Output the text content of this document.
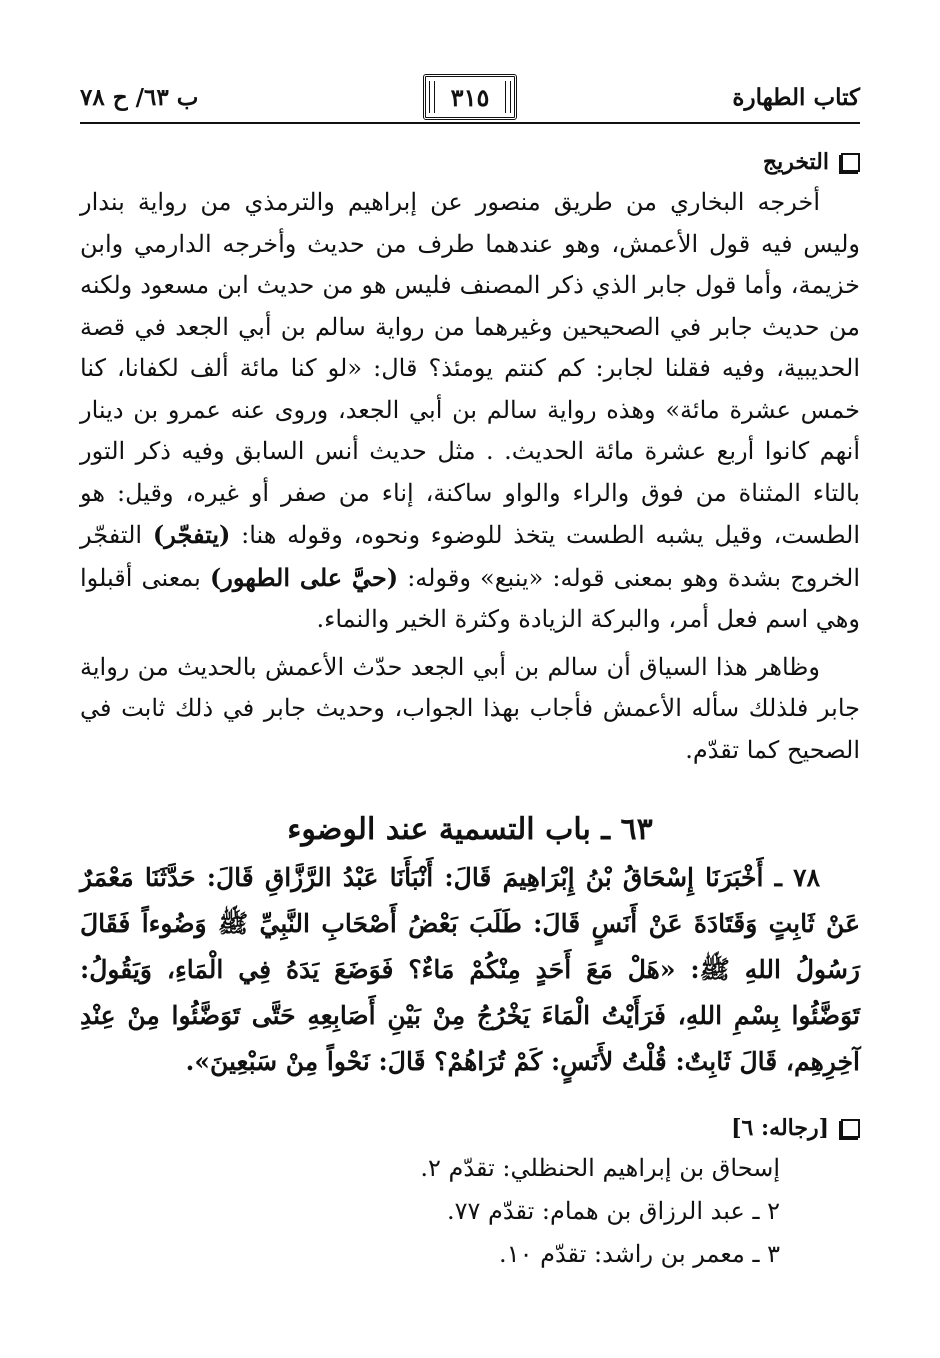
كتاب الطهارة
٣١٥
ب ٦٣/ ح ٧٨
التخريج

أخرجه البخاري من طريق منصور عن إبراهيم والترمذي من رواية بندار وليس فيه قول الأعمش، وهو عندهما طرف من حديث وأخرجه الدارمي وابن خزيمة، وأما قول جابر الذي ذكر المصنف فليس هو من حديث ابن مسعود ولكنه من حديث جابر في الصحيحين وغيرهما من رواية سالم بن أبي الجعد في قصة الحديبية، وفيه فقلنا لجابر: كم كنتم يومئذ؟ قال: «لو كنا مائة ألف لكفانا، كنا خمس عشرة مائة» وهذه رواية سالم بن أبي الجعد، وروى عنه عمرو بن دينار أنهم كانوا أربع عشرة مائة الحديث. . مثل حديث أنس السابق وفيه ذكر التور بالتاء المثناة من فوق والراء والواو ساكنة، إناء من صفر أو غيره، وقيل: هو الطست، وقيل يشبه الطست يتخذ للوضوء ونحوه، وقوله هنا: (يتفجّر) التفجّر الخروج بشدة وهو بمعنى قوله: «ينبع» وقوله: (حيَّ على الطهور) بمعنى أقبلوا وهي اسم فعل أمر، والبركة الزيادة وكثرة الخير والنماء.

وظاهر هذا السياق أن سالم بن أبي الجعد حدّث الأعمش بالحديث من رواية جابر فلذلك سأله الأعمش فأجاب بهذا الجواب، وحديث جابر في ذلك ثابت في الصحيح كما تقدّم.

٦٣ ـ باب التسمية عند الوضوء

٧٨ ـ أَخْبَرَنَا إِسْحَاقُ بْنُ إِبْرَاهِيمَ قَالَ: أَنْبَأَنَا عَبْدُ الرَّزَّاقِ قَالَ: حَدَّثَنَا مَعْمَرٌ عَنْ ثَابِتٍ وَقَتَادَةَ عَنْ أَنَسٍ قَالَ: طَلَبَ بَعْضُ أَصْحَابِ النَّبِيِّ ﷺ وَضُوءاً فَقَالَ رَسُولُ اللهِ ﷺ: «هَلْ مَعَ أَحَدٍ مِنْكُمْ مَاءٌ؟ فَوَضَعَ يَدَهُ فِي الْمَاءِ، وَيَقُولُ: تَوَضَّئُوا بِسْمِ اللهِ، فَرَأَيْتُ الْمَاءَ يَخْرُجُ مِنْ بَيْنِ أَصَابِعِهِ حَتَّى تَوَضَّئُوا مِنْ عِنْدِ آخِرِهِم، قَالَ ثَابِتٌ: قُلْتُ لأَنَسٍ: كَمْ تُرَاهُمْ؟ قَالَ: نَحْواً مِنْ سَبْعِينَ».

[رجاله: ٦]
إسحاق بن إبراهيم الحنظلي: تقدّم ٢.
٢ ـ عبد الرزاق بن همام: تقدّم ٧٧.
٣ ـ معمر بن راشد: تقدّم ١٠.
